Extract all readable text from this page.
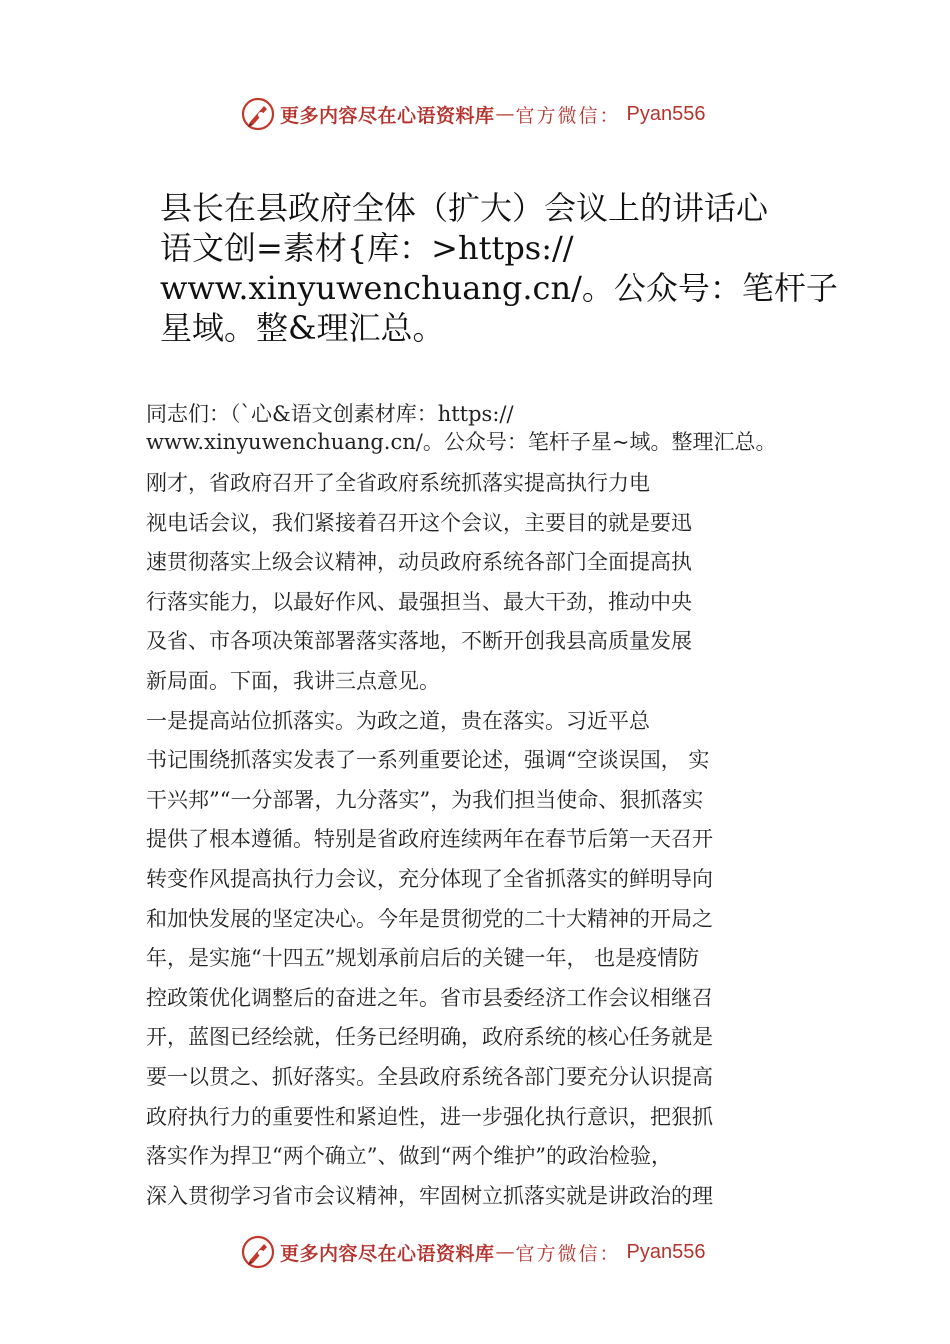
更多内容尽在心语资料库 — 官方微信： Pyan556
县长在县政府全体（扩大）会议上的讲话心
语文创=素材{库：>https://
www.xinyuwenchuang.cn/。公众号：笔杆子
星域。整&理汇总。
同志们：（`心&语文创素材库：https://
www.xinyuwenchuang.cn/。公众号：笔杆子星~域。整理汇总。
刚才，省政府召开了全省政府系统抓落实提高执行力电
视电话会议，我们紧接着召开这个会议，主要目的就是要迅
速贯彻落实上级会议精神，动员政府系统各部门全面提高执
行落实能力，以最好作风、最强担当、最大干劲，推动中央
及省、市各项决策部署落实落地，不断开创我县高质量发展
新局面。下面，我讲三点意见。
一是提高站位抓落实。为政之道，贵在落实。习近平总
书记围绕抓落实发表了一系列重要论述，强调“空谈误国， 实
干兴邦”“一分部署，九分落实”，为我们担当使命、狠抓落实
提供了根本遵循。特别是省政府连续两年在春节后第一天召开
转变作风提高执行力会议，充分体现了全省抓落实的鲜明导向
和加快发展的坚定决心。今年是贯彻党的二十大精神的开局之
年，是实施“十四五”规划承前启后的关键一年， 也是疫情防
控政策优化调整后的奋进之年。省市县委经济工作会议相继召
开，蓝图已经绘就，任务已经明确，政府系统的核心任务就是
要一以贯之、抓好落实。全县政府系统各部门要充分认识提高
政府执行力的重要性和紧迫性，进一步强化执行意识，把狠抓
落实作为捍卫“两个确立”、做到“两个维护”的政治检验，
深入贯彻学习省市会议精神，牢固树立抓落实就是讲政治的理
更多内容尽在心语资料库 — 官方微信： Pyan556
